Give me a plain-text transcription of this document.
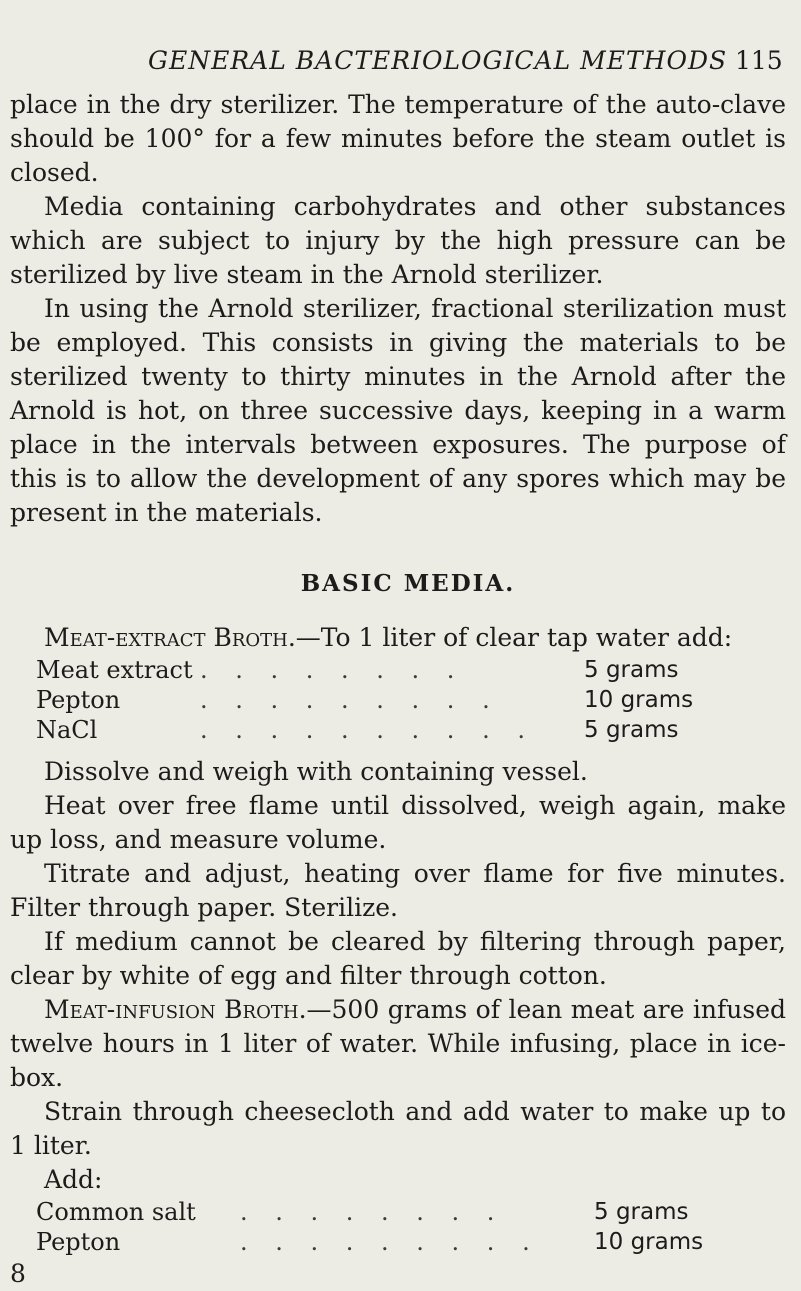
GENERAL BACTERIOLOGICAL METHODS 115

place in the dry sterilizer. The temperature of the auto-clave should be 100° for a few minutes before the steam outlet is closed.

Media containing carbohydrates and other substances which are subject to injury by the high pressure can be sterilized by live steam in the Arnold sterilizer.

In using the Arnold sterilizer, fractional sterilization must be employed. This consists in giving the materials to be sterilized twenty to thirty minutes in the Arnold after the Arnold is hot, on three successive days, keeping in a warm place in the intervals between exposures. The purpose of this is to allow the development of any spores which may be present in the materials.

BASIC MEDIA.

Meat-extract Broth.—To 1 liter of clear tap water add:

Meat extract . . . . . . . .	5 grams
Pepton	. . . . . . . . .	10 grams
NaCl	. . . . . . . . . .	5 grams

Dissolve and weigh with containing vessel.

Heat over free flame until dissolved, weigh again, make up loss, and measure volume.

Titrate and adjust, heating over flame for five minutes. Filter through paper. Sterilize.

If medium cannot be cleared by filtering through paper, clear by white of egg and filter through cotton.

Meat-infusion Broth.—500 grams of lean meat are infused twelve hours in 1 liter of water. While infusing, place in ice-box.

Strain through cheesecloth and add water to make up to 1 liter.

Add:

Common salt . . . . . . . .	5 grams
Pepton	. . . . . . . . .	10 grams

8
